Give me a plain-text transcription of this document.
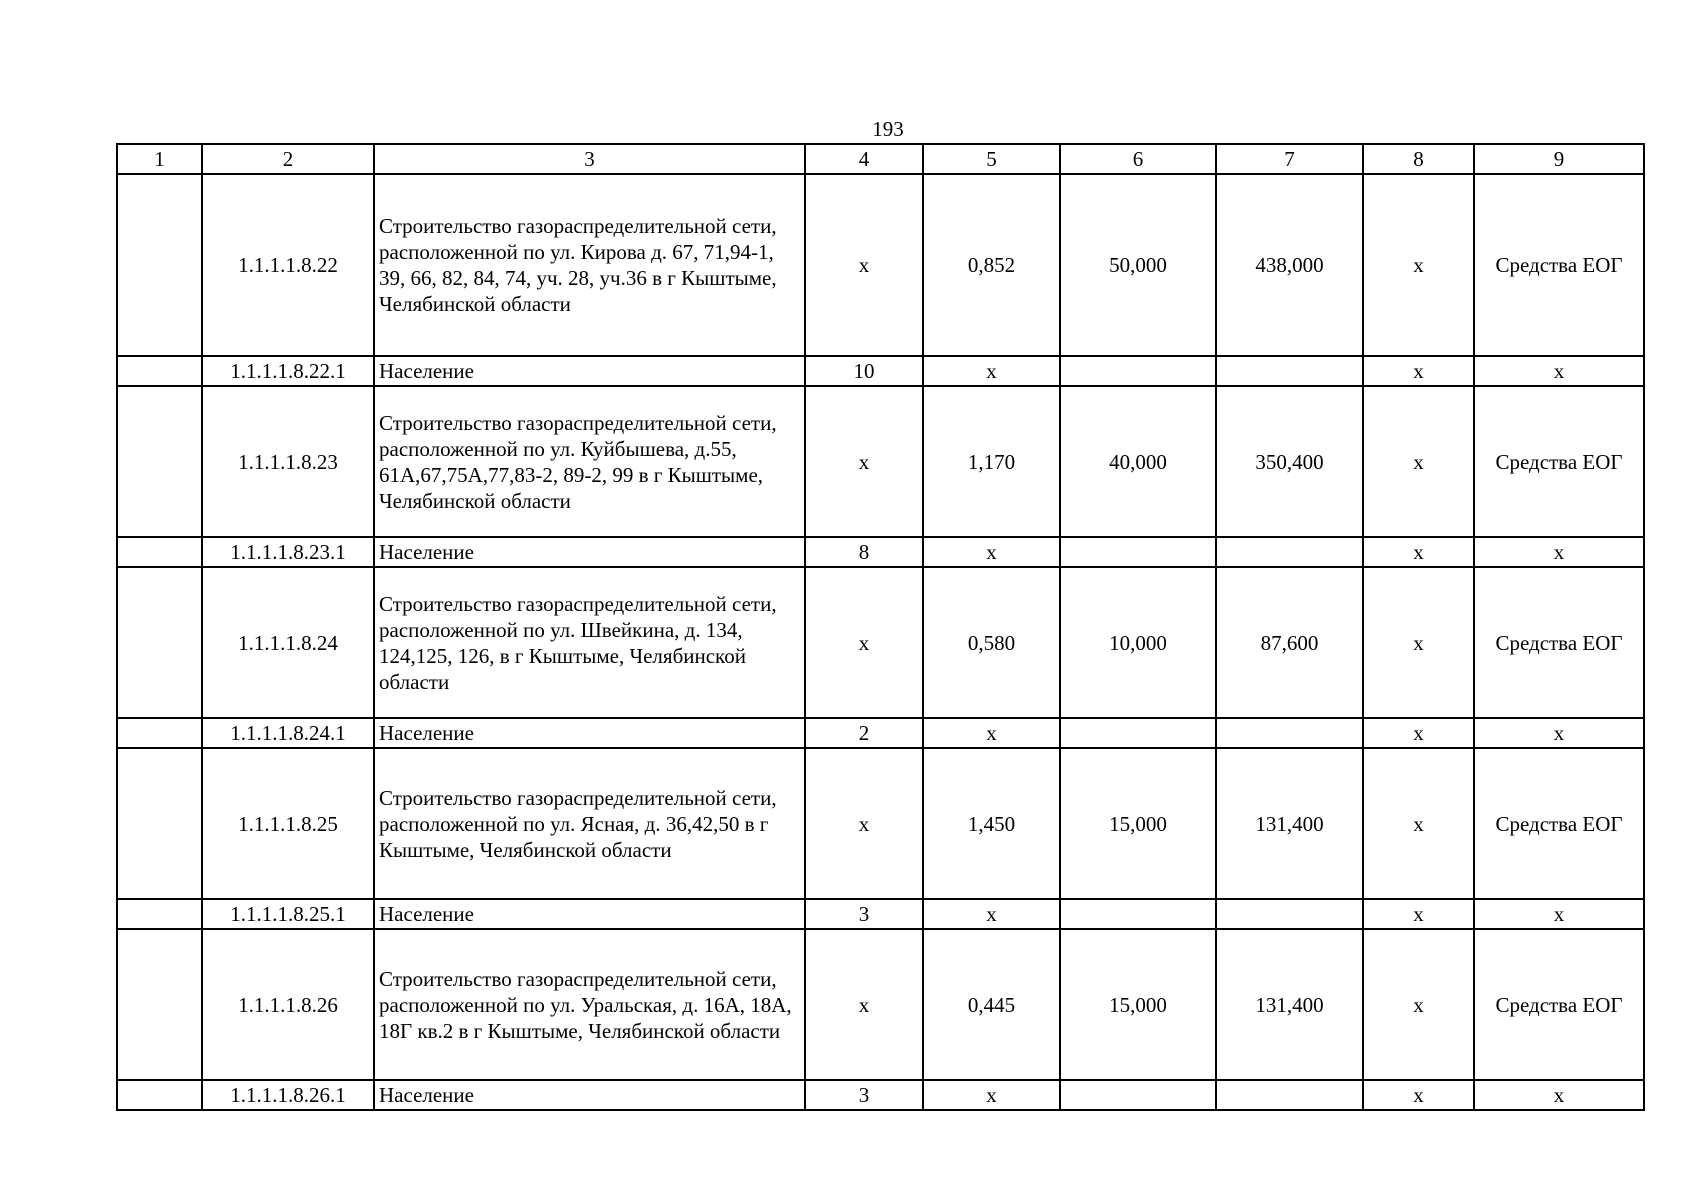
193
1	2	3	4	5	6	7	8	9
	1.1.1.1.8.22	Строительство газораспределительной сети, расположенной по ул. Кирова д. 67, 71,94-1, 39, 66, 82, 84, 74, уч. 28, уч.36 в г Кыштыме, Челябинской области	х	0,852	50,000	438,000	х	Средства ЕОГ
	1.1.1.1.8.22.1	Население	10	х			х	х
	1.1.1.1.8.23	Строительство газораспределительной сети, расположенной по ул. Куйбышева, д.55, 61А,67,75А,77,83-2, 89-2, 99 в г Кыштыме, Челябинской области	х	1,170	40,000	350,400	х	Средства ЕОГ
	1.1.1.1.8.23.1	Население	8	х			х	х
	1.1.1.1.8.24	Строительство газораспределительной сети, расположенной по ул. Швейкина, д. 134, 124,125, 126, в г Кыштыме, Челябинской области	х	0,580	10,000	87,600	х	Средства ЕОГ
	1.1.1.1.8.24.1	Население	2	х			х	х
	1.1.1.1.8.25	Строительство газораспределительной сети, расположенной по ул. Ясная, д. 36,42,50 в г Кыштыме, Челябинской области	х	1,450	15,000	131,400	х	Средства ЕОГ
	1.1.1.1.8.25.1	Население	3	х			х	х
	1.1.1.1.8.26	Строительство газораспределительной сети, расположенной по ул. Уральская, д. 16А, 18А, 18Г кв.2 в г Кыштыме, Челябинской области	х	0,445	15,000	131,400	х	Средства ЕОГ
	1.1.1.1.8.26.1	Население	3	х			х	х
